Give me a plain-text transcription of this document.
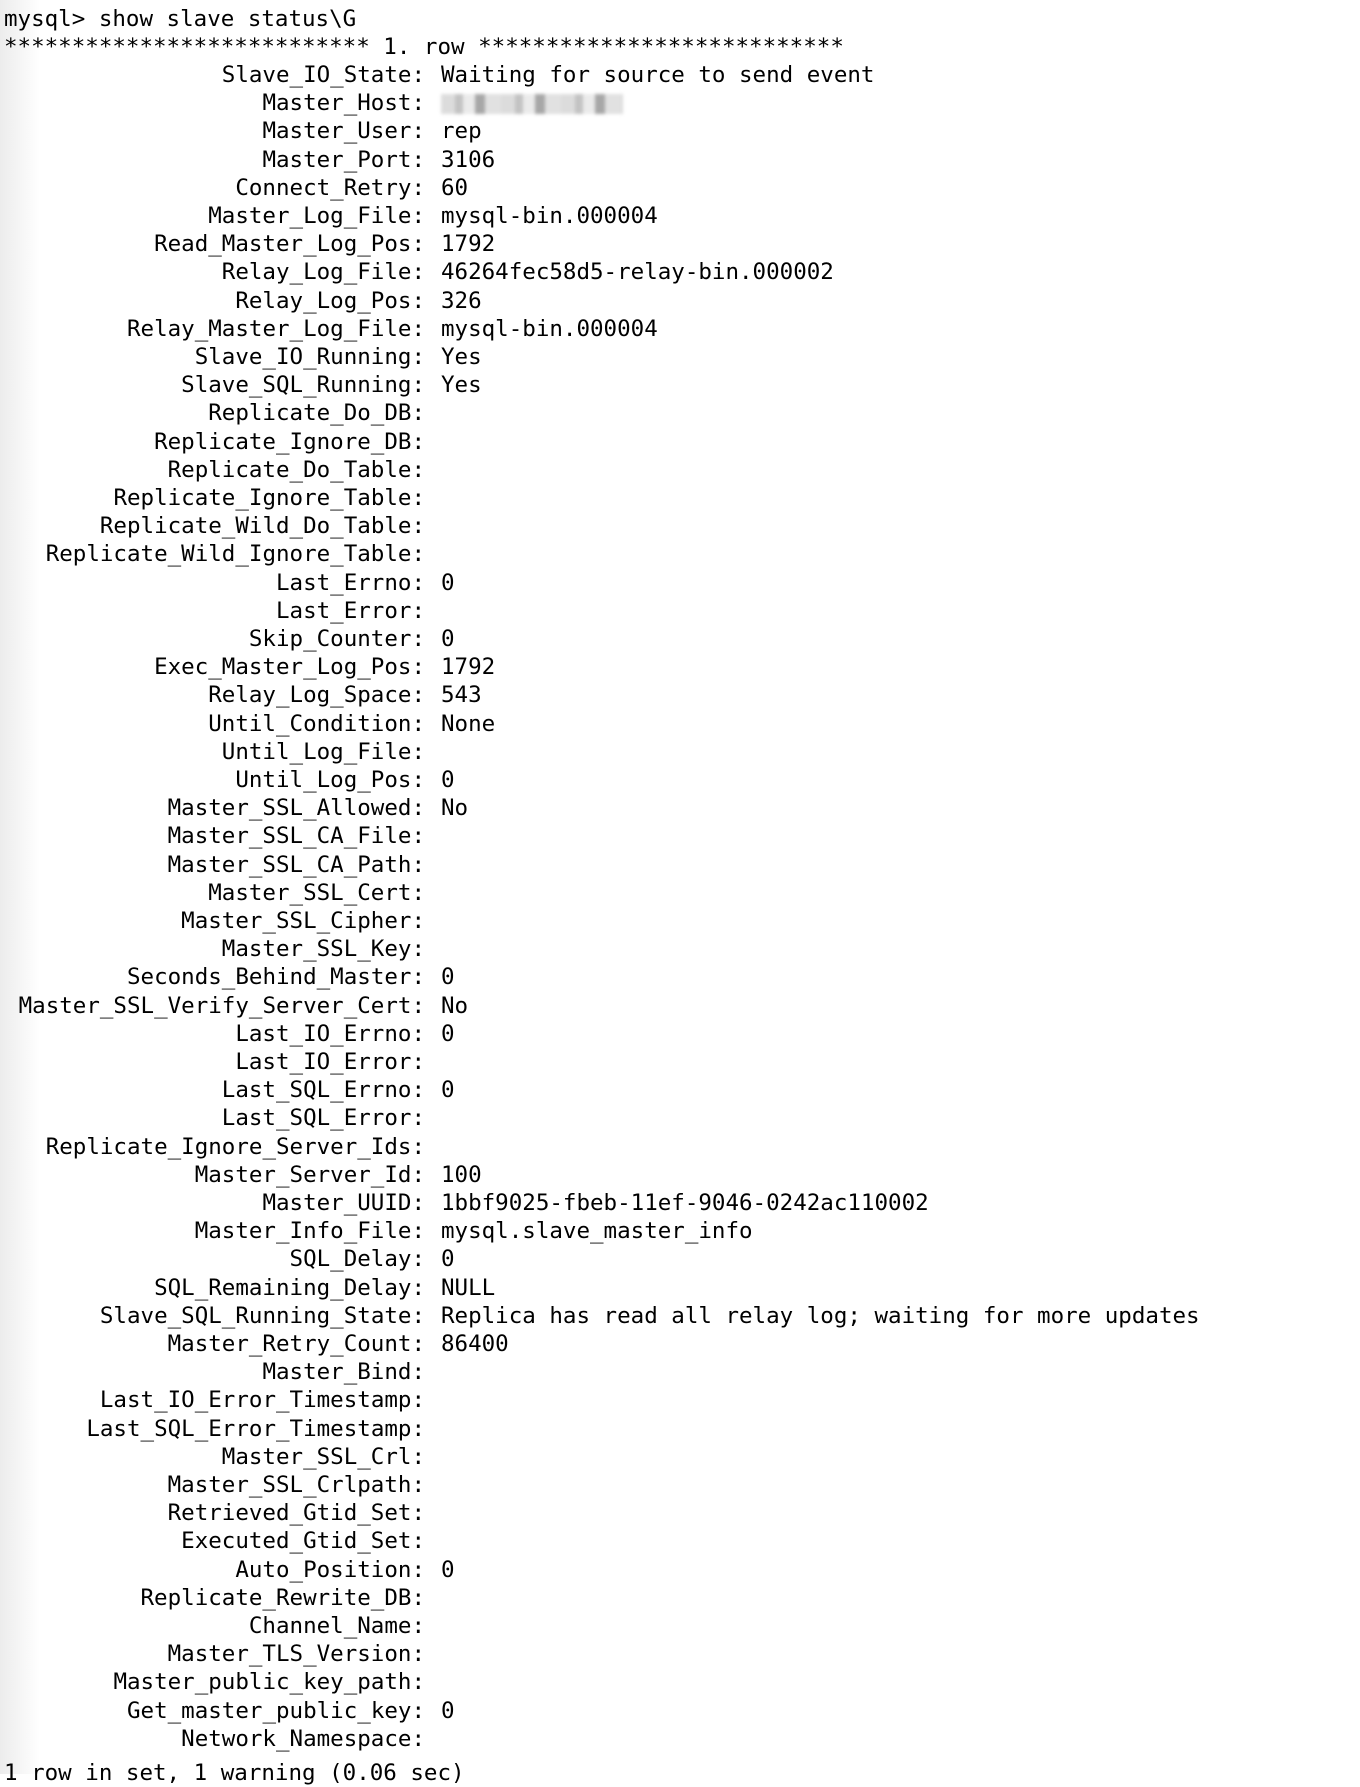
mysql> show slave status\G
*************************** 1. row ***************************
Slave_IO_State: Waiting for source to send event
Master_Host:
Master_User: rep
Master_Port: 3106
Connect_Retry: 60
Master_Log_File: mysql-bin.000004
Read_Master_Log_Pos: 1792
Relay_Log_File: 46264fec58d5-relay-bin.000002
Relay_Log_Pos: 326
Relay_Master_Log_File: mysql-bin.000004
Slave_IO_Running: Yes
Slave_SQL_Running: Yes
Replicate_Do_DB:
Replicate_Ignore_DB:
Replicate_Do_Table:
Replicate_Ignore_Table:
Replicate_Wild_Do_Table:
Replicate_Wild_Ignore_Table:
Last_Errno: 0
Last_Error:
Skip_Counter: 0
Exec_Master_Log_Pos: 1792
Relay_Log_Space: 543
Until_Condition: None
Until_Log_File:
Until_Log_Pos: 0
Master_SSL_Allowed: No
Master_SSL_CA_File:
Master_SSL_CA_Path:
Master_SSL_Cert:
Master_SSL_Cipher:
Master_SSL_Key:
Seconds_Behind_Master: 0
Master_SSL_Verify_Server_Cert: No
Last_IO_Errno: 0
Last_IO_Error:
Last_SQL_Errno: 0
Last_SQL_Error:
Replicate_Ignore_Server_Ids:
Master_Server_Id: 100
Master_UUID: 1bbf9025-fbeb-11ef-9046-0242ac110002
Master_Info_File: mysql.slave_master_info
SQL_Delay: 0
SQL_Remaining_Delay: NULL
Slave_SQL_Running_State: Replica has read all relay log; waiting for more updates
Master_Retry_Count: 86400
Master_Bind:
Last_IO_Error_Timestamp:
Last_SQL_Error_Timestamp:
Master_SSL_Crl:
Master_SSL_Crlpath:
Retrieved_Gtid_Set:
Executed_Gtid_Set:
Auto_Position: 0
Replicate_Rewrite_DB:
Channel_Name:
Master_TLS_Version:
Master_public_key_path:
Get_master_public_key: 0
Network_Namespace:
1 row in set, 1 warning (0.06 sec)
